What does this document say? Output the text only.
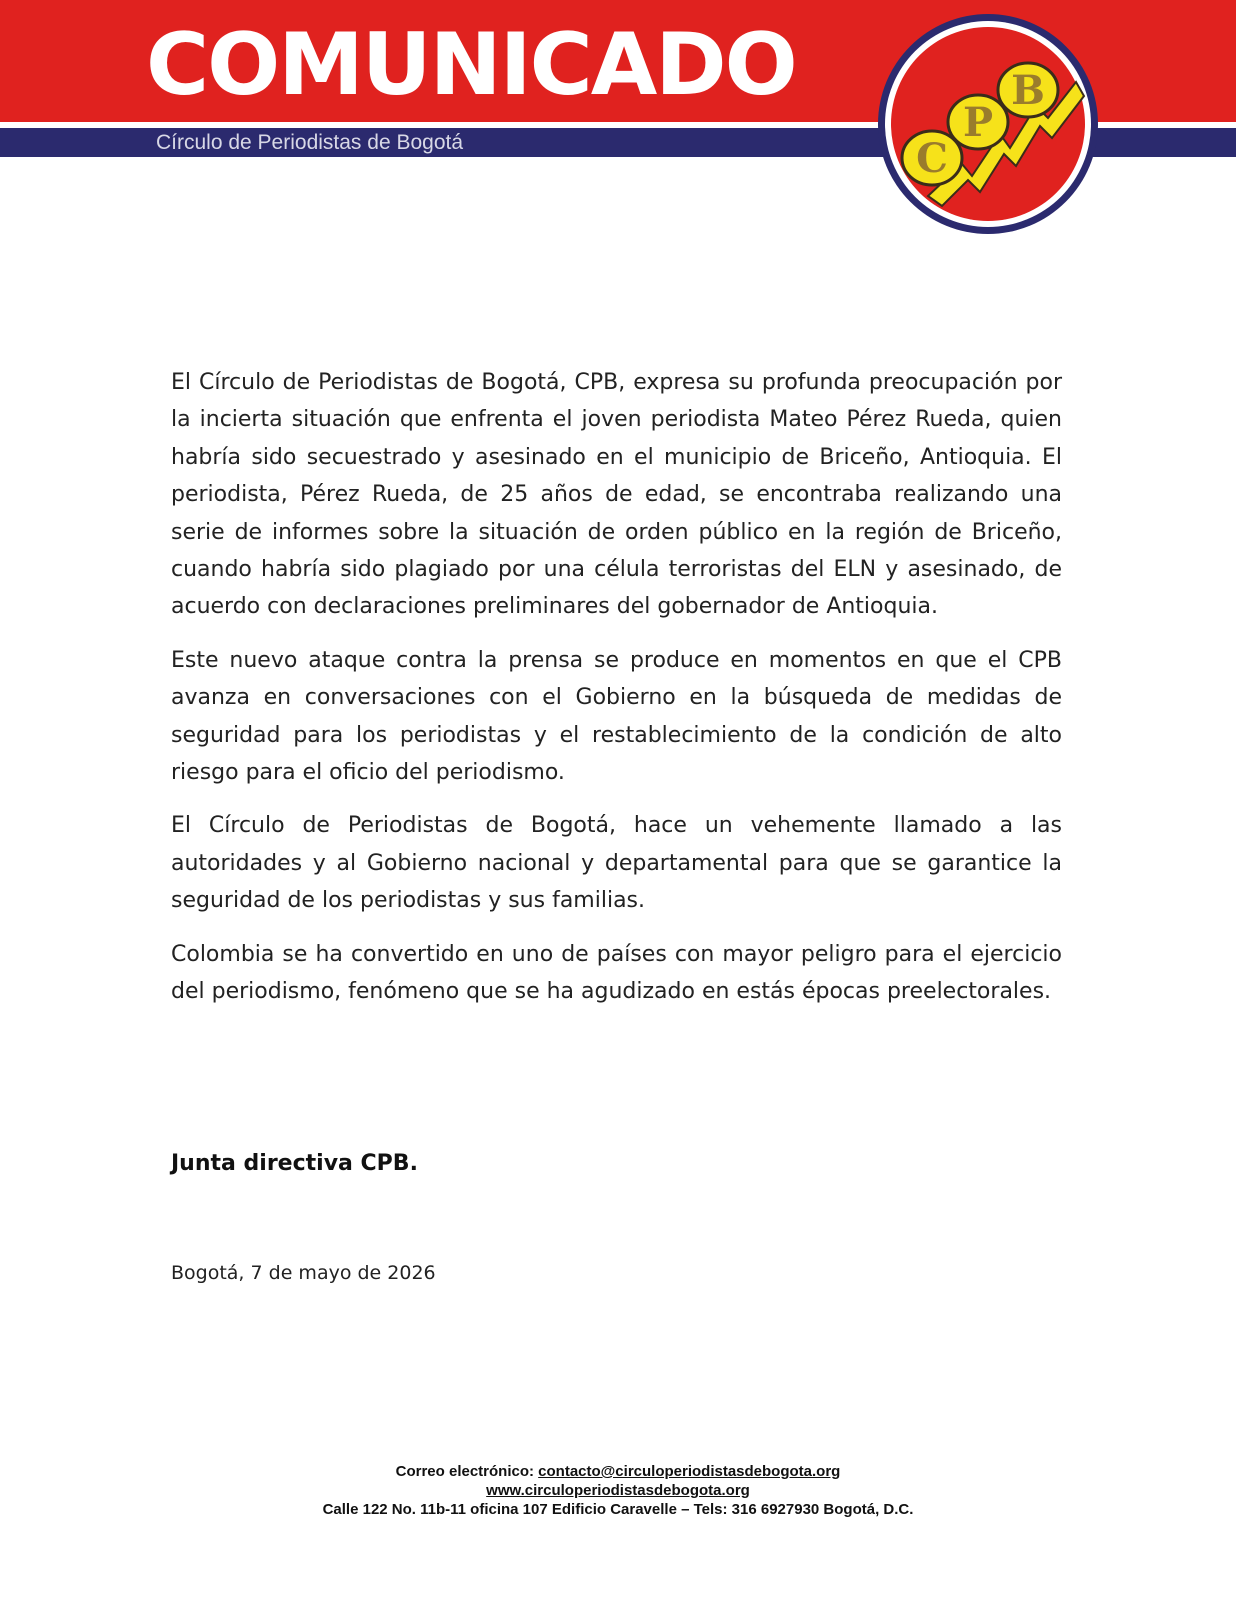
COMUNICADO
Círculo de Periodistas de Bogotá	C
P
B

El Círculo de Periodistas de Bogotá, CPB, expresa su profunda preocupación por la incierta situación que enfrenta el joven periodista Mateo Pérez Rueda, quien habría sido secuestrado y asesinado en el municipio de Briceño, Antioquia. El periodista, Pérez Rueda, de 25 años de edad, se encontraba realizando una serie de informes sobre la situación de orden público en la región de Briceño, cuando habría sido plagiado por una célula terroristas del ELN y asesinado, de acuerdo con declaraciones preliminares del gobernador de Antioquia.

Este nuevo ataque contra la prensa se produce en momentos en que el CPB avanza en conversaciones con el Gobierno en la búsqueda de medidas de seguridad para los periodistas y el restablecimiento de la condición de alto riesgo para el oficio del periodismo.

El Círculo de Periodistas de Bogotá, hace un vehemente llamado a las autoridades y al Gobierno nacional y departamental para que se garantice la seguridad de los periodistas y sus familias.

Colombia se ha convertido en uno de países con mayor peligro para el ejercicio del periodismo, fenómeno que se ha agudizado en estás épocas preelectorales.

Junta directiva CPB.
Bogotá, 7 de mayo de 2026
Correo electrónico: contacto@circuloperiodistasdebogota.org
www.circuloperiodistasdebogota.org
Calle 122 No. 11b-11 oficina 107 Edificio Caravelle – Tels: 316 6927930 Bogotá, D.C.
